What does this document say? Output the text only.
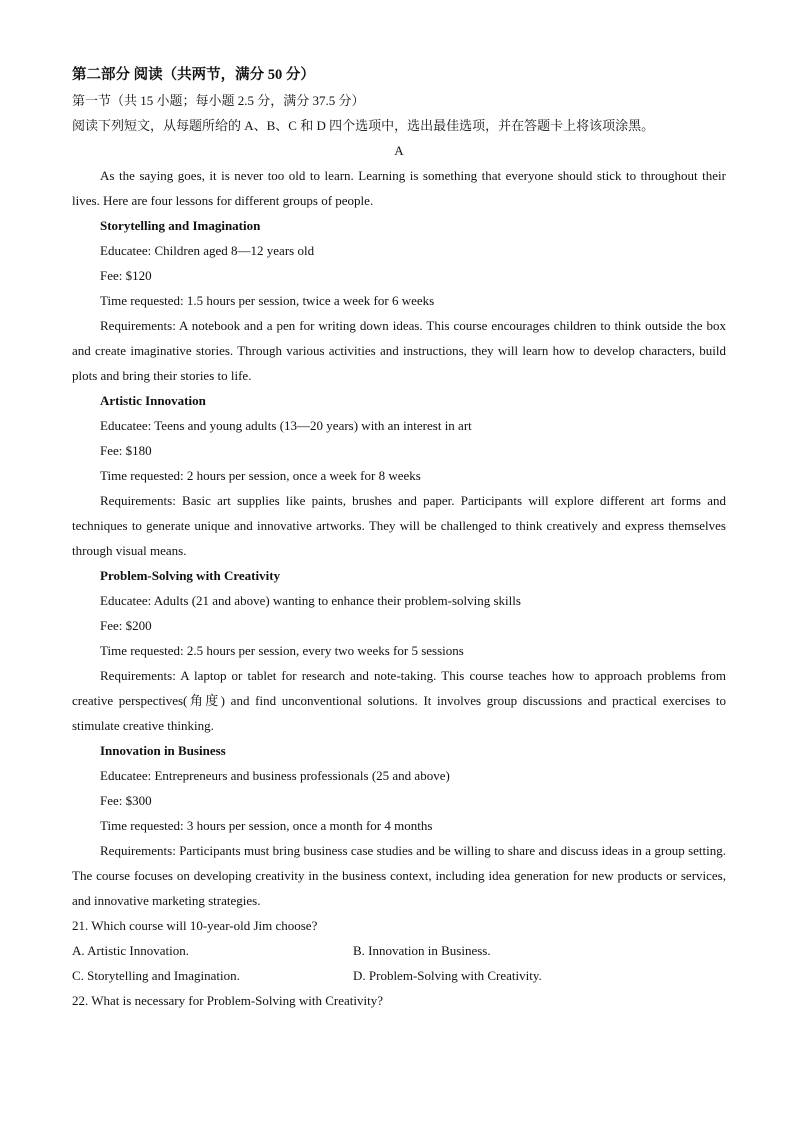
第二部分 阅读（共两节，满分 50 分）
第一节（共 15 小题；每小题 2.5 分，满分 37.5 分）
阅读下列短文，从每题所给的 A、B、C 和 D 四个选项中，选出最佳选项，并在答题卡上将该项涂黑。
A
As the saying goes, it is never too old to learn. Learning is something that everyone should stick to throughout their lives. Here are four lessons for different groups of people.
Storytelling and Imagination
Educatee: Children aged 8—12 years old
Fee: $120
Time requested: 1.5 hours per session, twice a week for 6 weeks
Requirements: A notebook and a pen for writing down ideas. This course encourages children to think outside the box and create imaginative stories. Through various activities and instructions, they will learn how to develop characters, build plots and bring their stories to life.
Artistic Innovation
Educatee: Teens and young adults (13—20 years) with an interest in art
Fee: $180
Time requested: 2 hours per session, once a week for 8 weeks
Requirements: Basic art supplies like paints, brushes and paper. Participants will explore different art forms and techniques to generate unique and innovative artworks. They will be challenged to think creatively and express themselves through visual means.
Problem-Solving with Creativity
Educatee: Adults (21 and above) wanting to enhance their problem-solving skills
Fee: $200
Time requested: 2.5 hours per session, every two weeks for 5 sessions
Requirements: A laptop or tablet for research and note-taking. This course teaches how to approach problems from creative perspectives(角度) and find unconventional solutions. It involves group discussions and practical exercises to stimulate creative thinking.
Innovation in Business
Educatee: Entrepreneurs and business professionals (25 and above)
Fee: $300
Time requested: 3 hours per session, once a month for 4 months
Requirements: Participants must bring business case studies and be willing to share and discuss ideas in a group setting. The course focuses on developing creativity in the business context, including idea generation for new products or services, and innovative marketing strategies.
21. Which course will 10-year-old Jim choose?
A. Artistic Innovation.	B. Innovation in Business.
C. Storytelling and Imagination.	D. Problem-Solving with Creativity.
22. What is necessary for Problem-Solving with Creativity?
